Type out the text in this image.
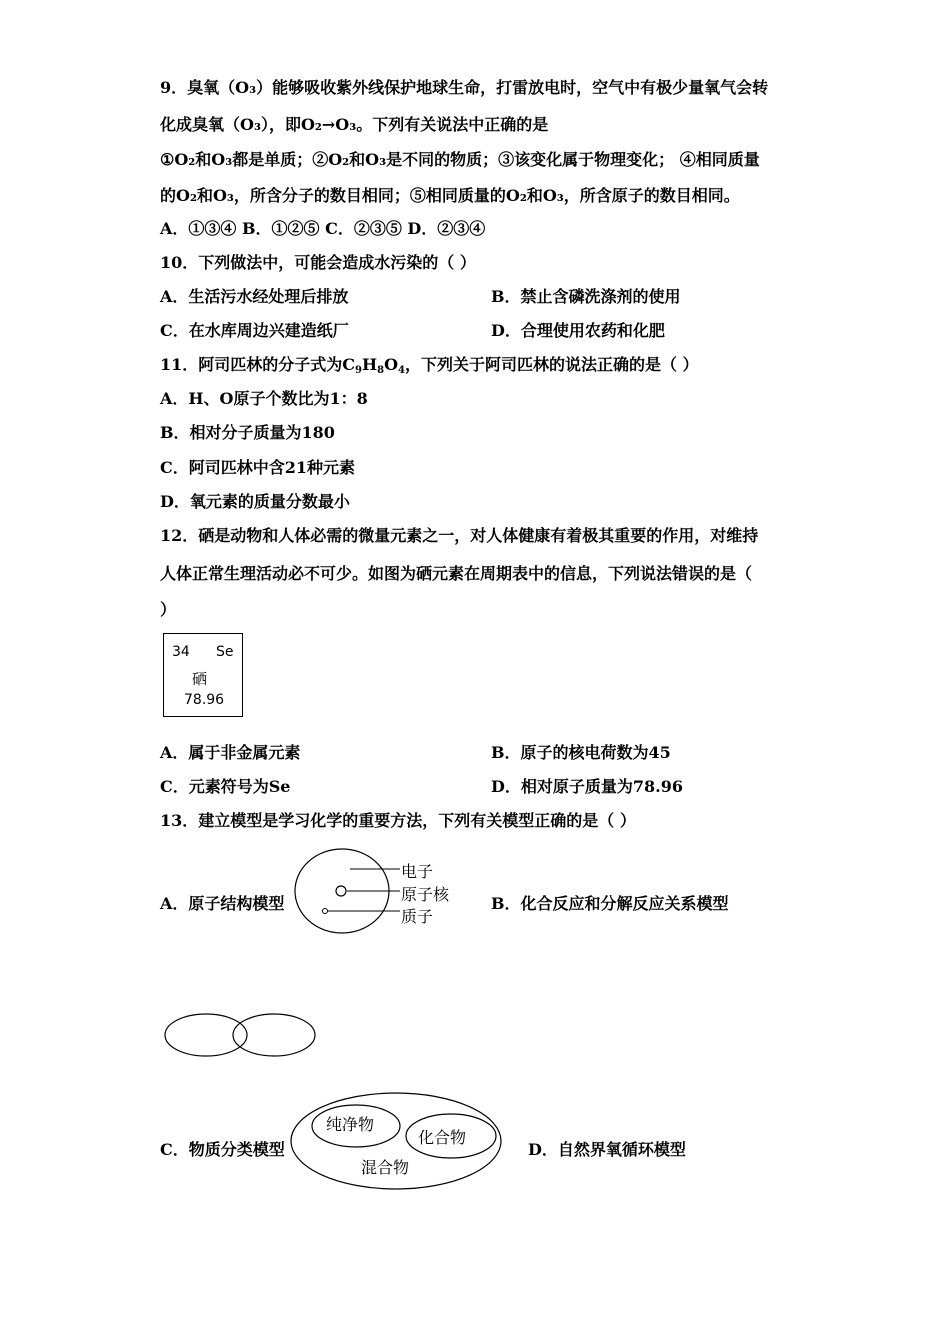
9．臭氧（O₃）能够吸收紫外线保护地球生命，打雷放电时，空气中有极少量氧气会转
化成臭氧（O₃），即O₂→O₃。下列有关说法中正确的是
①O₂和O₃都是单质；②O₂和O₃是不同的物质；③该变化属于物理变化； ④相同质量
的O₂和O₃，所含分子的数目相同；⑤相同质量的O₂和O₃，所含原子的数目相同。
A．①③④ B．①②⑤ C．②③⑤ D．②③④
10．下列做法中，可能会造成水污染的（ ）
A．生活污水经处理后排放	B．禁止含磷洗涤剂的使用
C．在水库周边兴建造纸厂	D．合理使用农药和化肥
11．阿司匹林的分子式为$C_9H_8O_4$，下列关于阿司匹林的说法正确的是（ ）
A．H、O原子个数比为1：8
B．相对分子质量为180
C．阿司匹林中含21种元素
D．氧元素的质量分数最小
12．硒是动物和人体必需的微量元素之一，对人体健康有着极其重要的作用，对维持
人体正常生理活动必不可少。如图为硒元素在周期表中的信息，下列说法错误的是（
）
34 Se
硒
78.96
A．属于非金属元素	B．原子的核电荷数为45
C．元素符号为Se	D．相对原子质量为78.96
13．建立模型是学习化学的重要方法，下列有关模型正确的是（ ）
A．原子结构模型
电子
原子核
质子
B．化合反应和分解反应关系模型
C．物质分类模型
纯净物
化合物
混合物
D．自然界氧循环模型
